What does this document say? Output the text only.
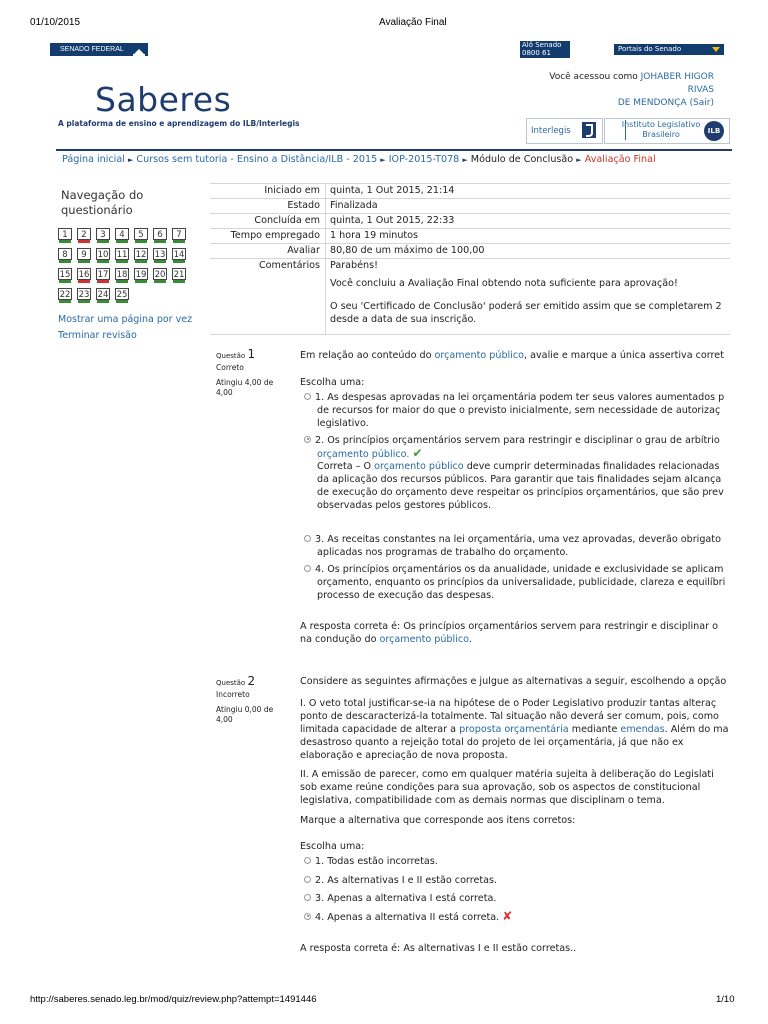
01/10/2015	Avaliação Final
SENADO FEDERAL
Alô Senado
0800 61 2211
Portais do Senado
Saberes
A plataforma de ensino e aprendizagem do ILB/Interlegis
Você acessou como JOHABER HIGOR RIVAS
DE MENDONÇA (Sair)
Interlegis
Instituto Legislativo
Brasileiro	ILB
Página inicial ► Cursos sem tutoria - Ensino a Distância/ILB - 2015 ► IOP-2015-T078 ► Módulo de Conclusão ► Avaliação Final
Navegação do
questionário
1	2	3	4	5	6	7
8	9	10 11 12 13 14
15 16 17 18 19 20 21
22 23 24 25
Mostrar uma página por vez
Terminar revisão
Iniciado em quinta, 1 Out 2015, 21:14
Estado Finalizada
Concluída em quinta, 1 Out 2015, 22:33
Tempo empregado 1 hora 19 minutos
Avaliar 80,80 de um máximo de 100,00
Comentários Parabéns!
Você concluiu a Avaliação Final obtendo nota suficiente para aprovação!
O seu 'Certificado de Conclusão' poderá ser emitido assim que se completarem 2
desde a data de sua inscrição.
Questão 1
Correto
Atingiu 4,00 de
4,00
Em relação ao conteúdo do orçamento público, avalie e marque a única assertiva corret
Escolha uma:
1. As despesas aprovadas na lei orçamentária podem ter seus valores aumentados p
de recursos for maior do que o previsto inicialmente, sem necessidade de autorizaç
legislativo.
2. Os princípios orçamentários servem para restringir e disciplinar o grau de arbítrio
orçamento público. ✔
Correta – O orçamento público deve cumprir determinadas finalidades relacionadas
da aplicação dos recursos públicos. Para garantir que tais finalidades sejam alcança
de execução do orçamento deve respeitar os princípios orçamentários, que são prev
observadas pelos gestores públicos.
3. As receitas constantes na lei orçamentária, uma vez aprovadas, deverão obrigato
aplicadas nos programas de trabalho do orçamento.
4. Os princípios orçamentários os da anualidade, unidade e exclusividade se aplicam
orçamento, enquanto os princípios da universalidade, publicidade, clareza e equilíbri
processo de execução das despesas.
A resposta correta é: Os princípios orçamentários servem para restringir e disciplinar o
na condução do orçamento público.
Questão 2
Incorreto
Atingiu 0,00 de
4,00
Considere as seguintes afirmações e julgue as alternativas a seguir, escolhendo a opção
I. O veto total justificar-se-ia na hipótese de o Poder Legislativo produzir tantas alteraç
ponto de descaracterizá-la totalmente. Tal situação não deverá ser comum, pois, como
limitada capacidade de alterar a proposta orçamentária mediante emendas. Além do ma
desastroso quanto a rejeição total do projeto de lei orçamentária, já que não ex
elaboração e apreciação de nova proposta.
II. A emissão de parecer, como em qualquer matéria sujeita à deliberação do Legislati
sob exame reúne condições para sua aprovação, sob os aspectos de constitucional
legislativa, compatibilidade com as demais normas que disciplinam o tema.
Marque a alternativa que corresponde aos itens corretos:
Escolha uma:
1. Todas estão incorretas.
2. As alternativas I e II estão corretas.
3. Apenas a alternativa I está correta.
4. Apenas a alternativa II está correta. ✘
A resposta correta é: As alternativas I e II estão corretas..
http://saberes.senado.leg.br/mod/quiz/review.php?attempt=1491446	1/10
